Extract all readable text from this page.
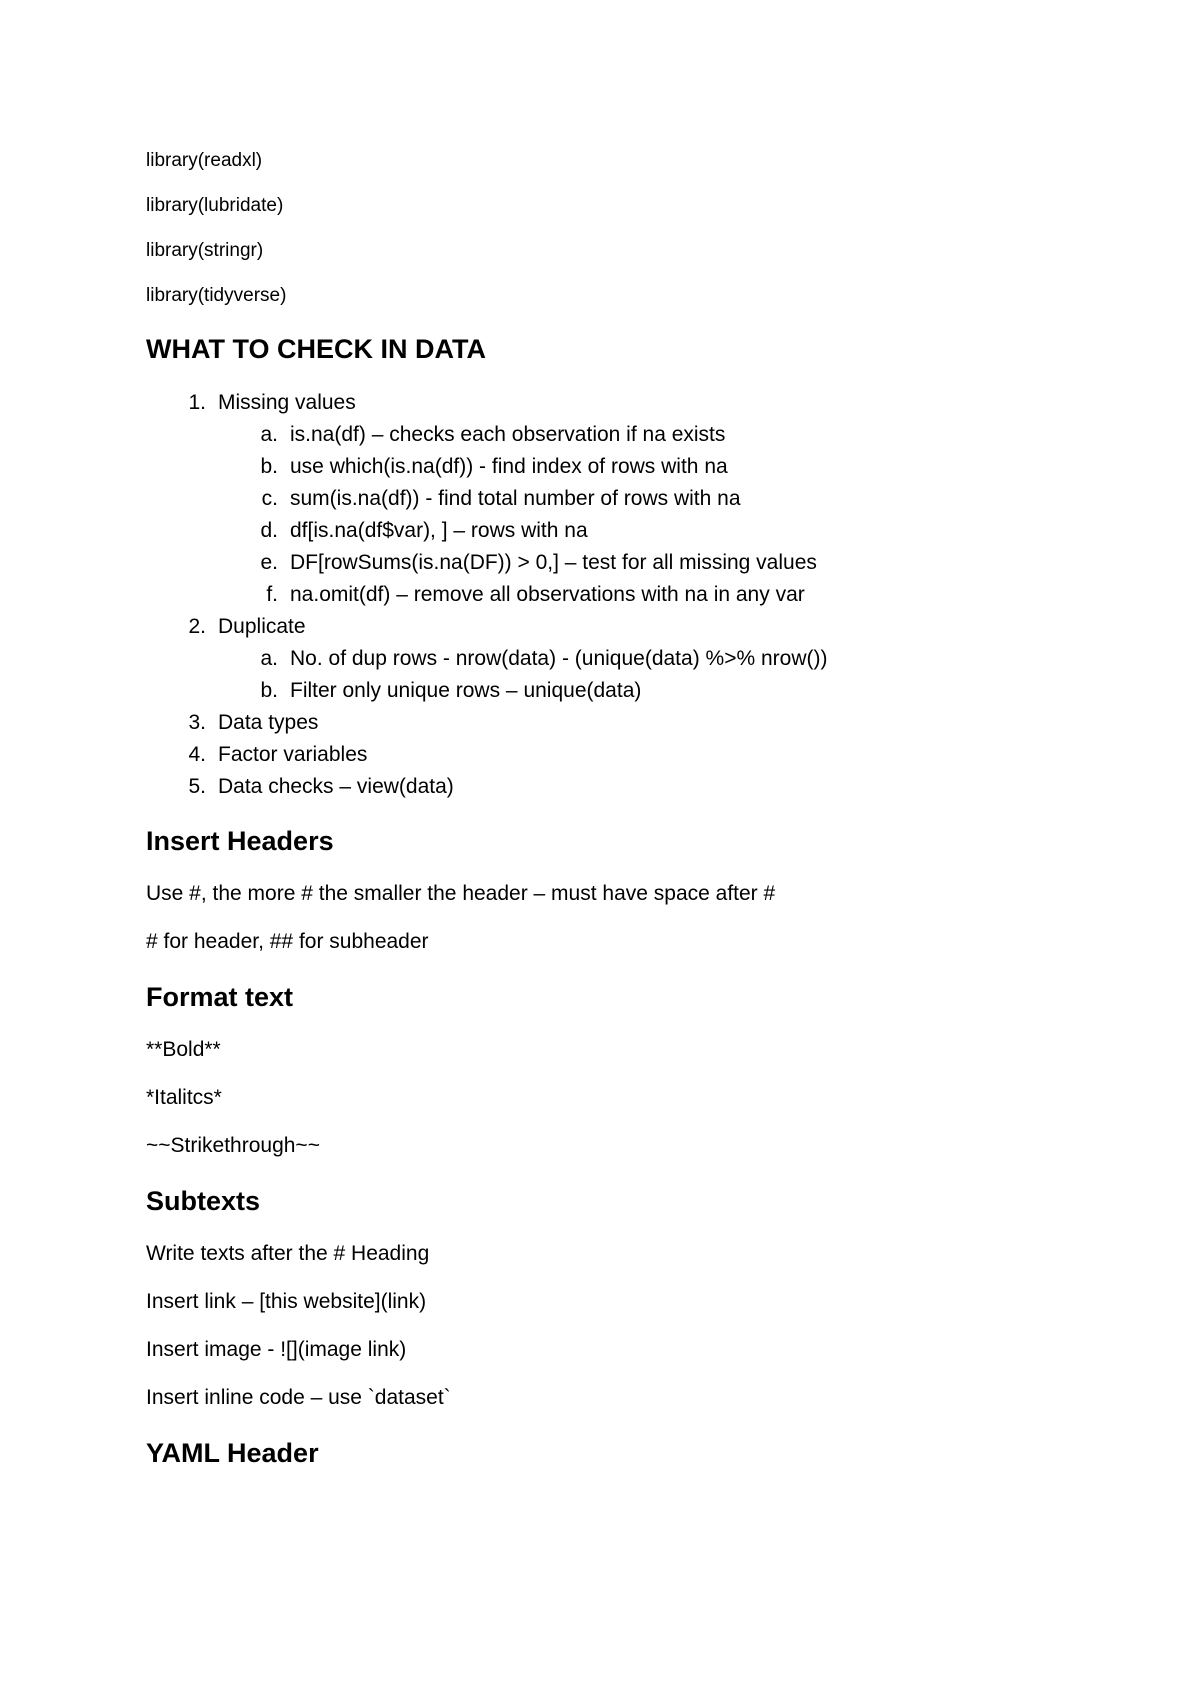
library(readxl)
library(lubridate)
library(stringr)
library(tidyverse)
WHAT TO CHECK IN DATA
1. Missing values
a. is.na(df) – checks each observation if na exists
b. use which(is.na(df)) - find index of rows with na
c. sum(is.na(df)) - find total number of rows with na
d. df[is.na(df$var), ] – rows with na
e. DF[rowSums(is.na(DF)) > 0,] – test for all missing values
f. na.omit(df) – remove all observations with na in any var
2. Duplicate
a. No. of dup rows - nrow(data) - (unique(data) %>% nrow())
b. Filter only unique rows – unique(data)
3. Data types
4. Factor variables
5. Data checks – view(data)
Insert Headers
Use #, the more # the smaller the header – must have space after #
# for header, ## for subheader
Format text
**Bold**
*Italitcs*
~~Strikethrough~~
Subtexts
Write texts after the # Heading
Insert link – [this website](link)
Insert image - ![](image link)
Insert inline code – use `dataset`
YAML Header
